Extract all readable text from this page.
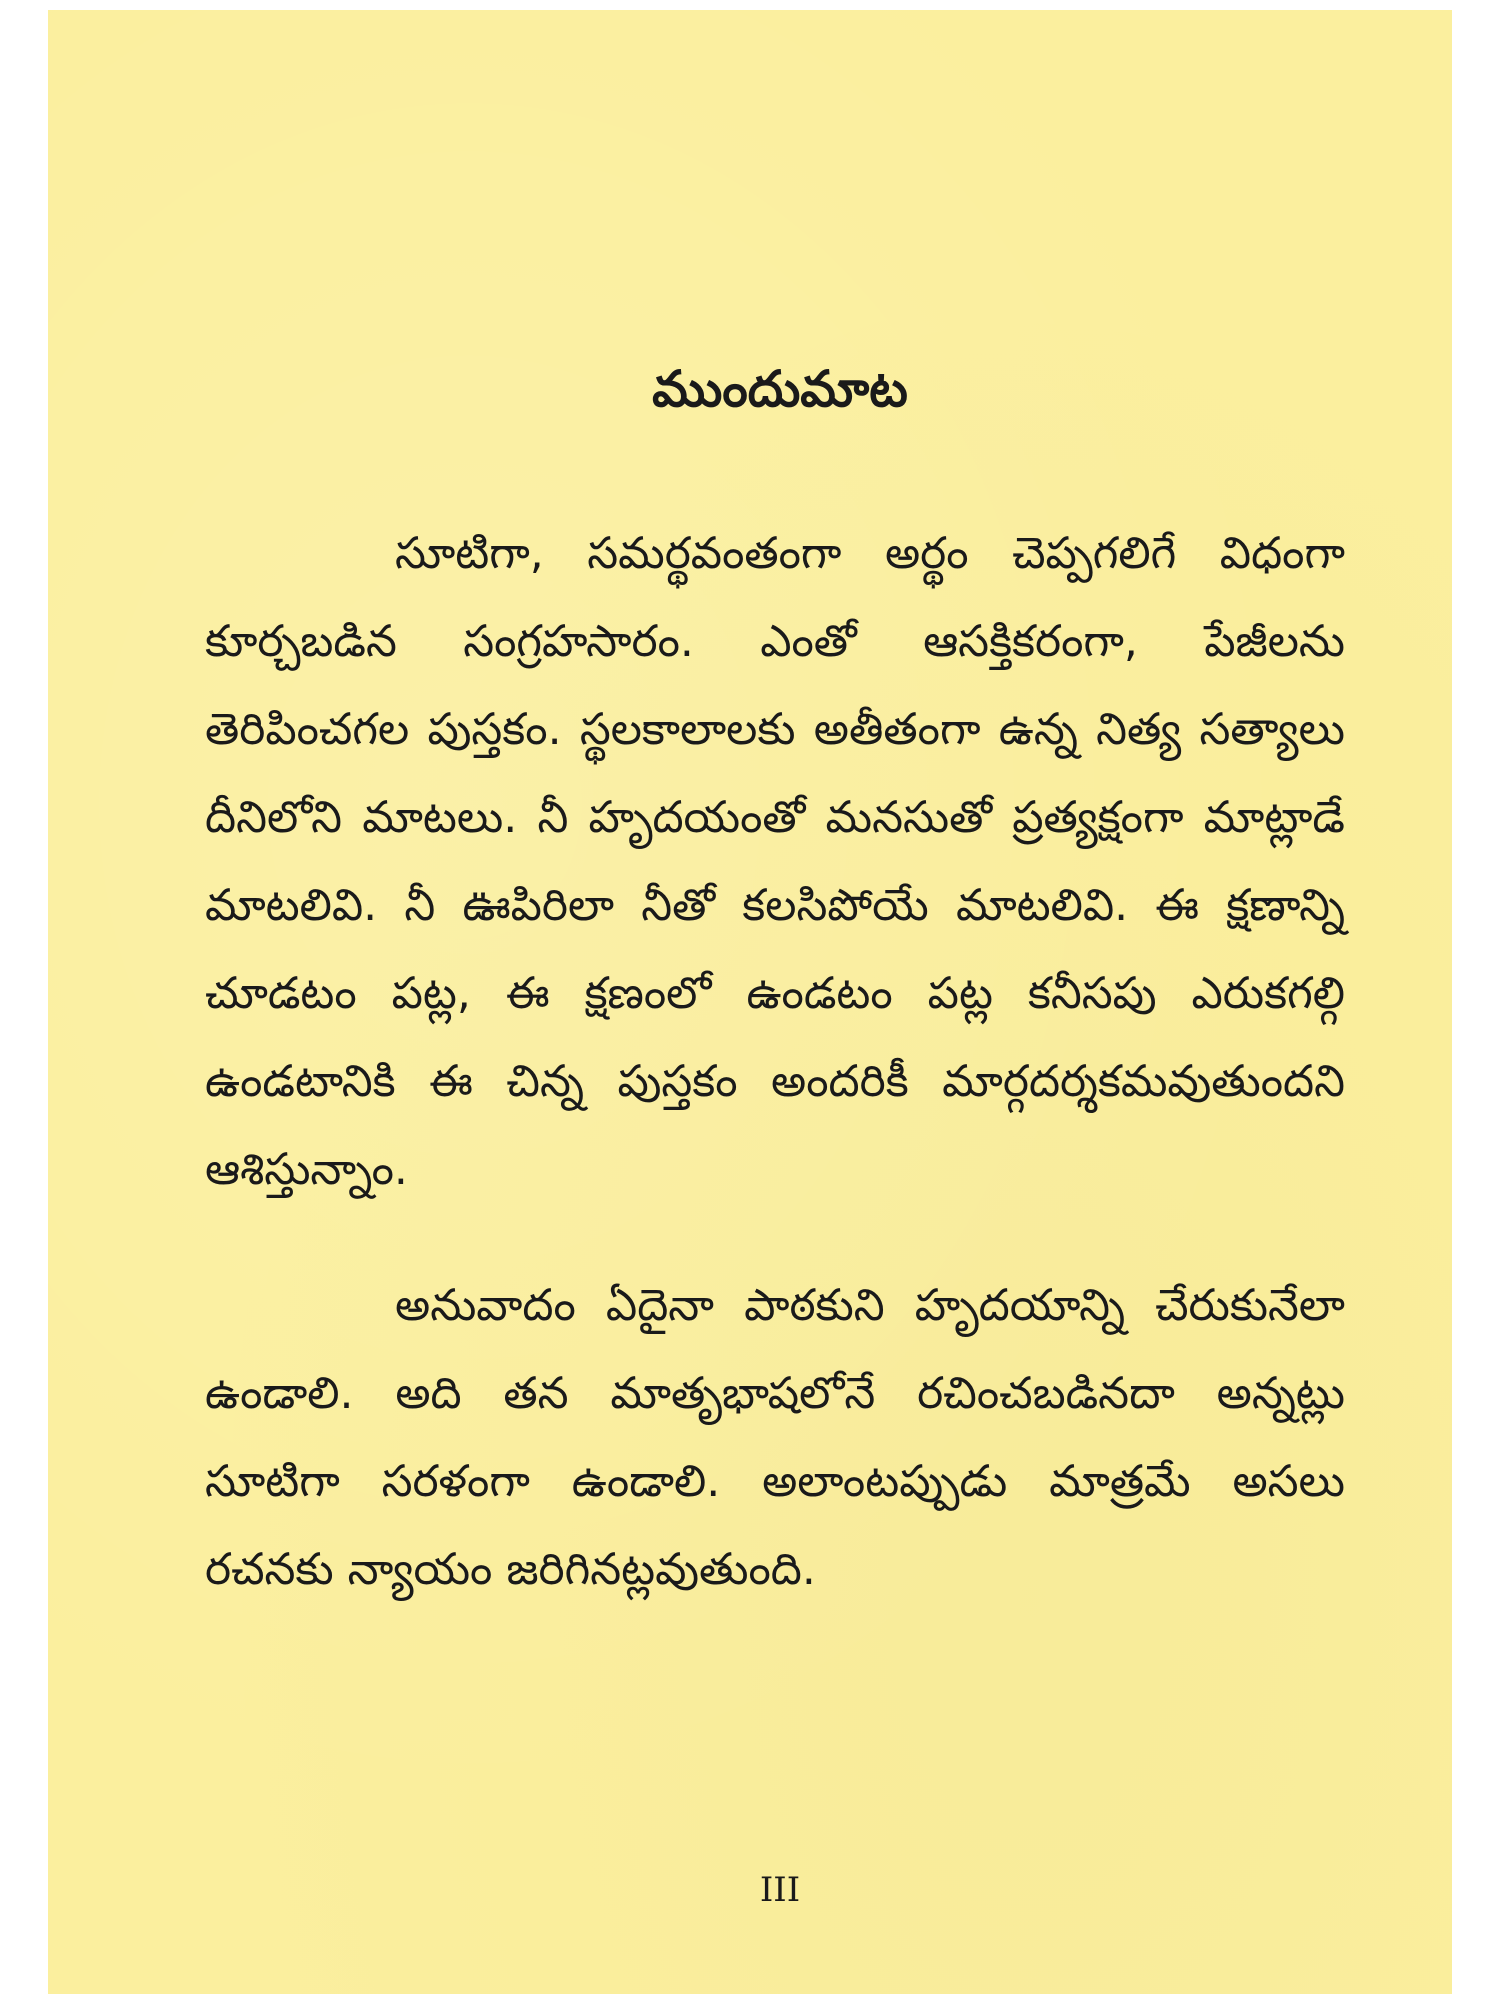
ముందుమాట

సూటిగా, సమర్థవంతంగా అర్థం చెప్పగలిగే విధంగా కూర్చబడిన సంగ్రహసారం. ఎంతో ఆసక్తికరంగా, పేజీలను తెరిపించగల పుస్తకం. స్థలకాలాలకు అతీతంగా ఉన్న నిత్య సత్యాలు దీనిలోని మాటలు. నీ హృదయంతో మనసుతో ప్రత్యక్షంగా మాట్లాడే మాటలివి. నీ ఊపిరిలా నీతో కలసిపోయే మాటలివి. ఈ క్షణాన్ని చూడటం పట్ల, ఈ క్షణంలో ఉండటం పట్ల కనీసపు ఎరుకగల్గి ఉండటానికి ఈ చిన్న పుస్తకం అందరికీ మార్గదర్శకమవుతుందని ఆశిస్తున్నాం.

అనువాదం ఏదైనా పాఠకుని హృదయాన్ని చేరుకునేలా ఉండాలి. అది తన మాతృభాషలోనే రచించబడినదా అన్నట్లు సూటిగా సరళంగా ఉండాలి. అలాంటప్పుడు మాత్రమే అసలు రచనకు న్యాయం జరిగినట్లవుతుంది.

III
